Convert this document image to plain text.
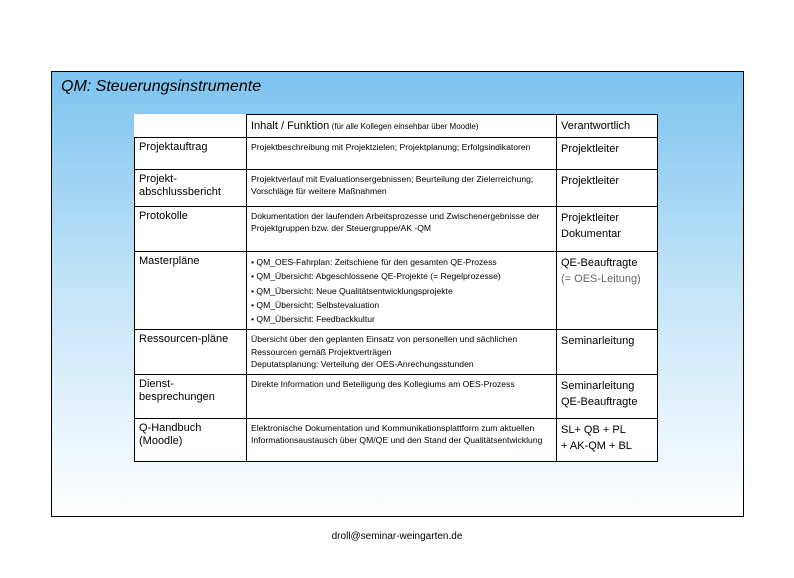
QM: Steuerungsinstrumente
	Inhalt / Funktion (für alle Kollegen einsehbar über Moodle)	Verantwortlich
Projektauftrag	Projektbeschreibung mit Projektzielen; Projektplanung; Erfolgsindikatoren	Projektleiter

Projekt-abschlussbericht	Projektverlauf mit Evaluationsergebnissen; Beurteilung der Zielerreichung; Vorschläge für weitere Maßnahmen	Projektleiter

Protokolle	Dokumentation der laufenden Arbeitsprozesse und Zwischenergebnisse der Projektgruppen bzw. der Steuergruppe/AK -QM	Projektleiter
Dokumentar

Masterpläne	• QM_OES-Fahrplan: Zeitschiene für den gesamten QE-Prozess
• QM_Übersicht: Abgeschlossene QE-Projekte (= Regelprozesse)
• QM_Übersicht: Neue Qualitätsentwicklungsprojekte
• QM_Übersicht: Selbstevaluation
• QM_Übersicht: Feedbackkultur	QE-Beauftragte
(= OES-Leitung)

Ressourcen-pläne	Übersicht über den geplanten Einsatz von personellen und sächlichen Ressourcen gemäß Projektverträgen
Deputatsplanung: Verteilung der OES-Anrechungsstunden	Seminarleitung

Dienst-besprechungen	Direkte Information und Beteiligung des Kollegiums am OES-Prozess	Seminarleitung
QE-Beauftragte

Q-Handbuch (Moodle)	Elektronische Dokumentation und Kommunikationsplattform zum aktuellen Informationsaustausch über QM/QE und den Stand der Qualitätsentwicklung	SL+ QB + PL
+ AK-QM + BL
droll@seminar-weingarten.de
